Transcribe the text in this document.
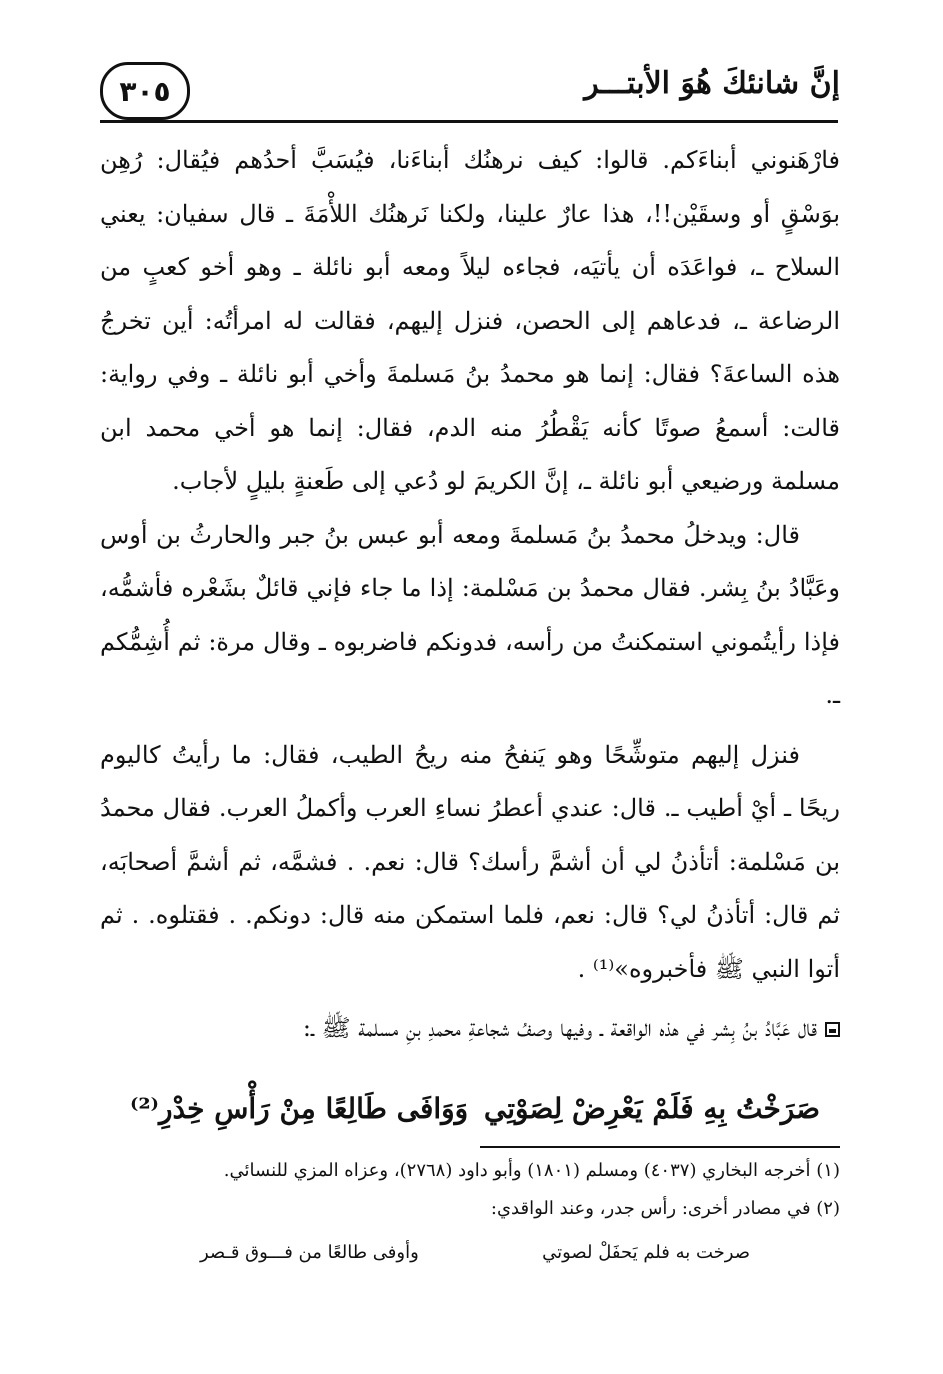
٣٠٥	إنَّ شانئكَ هُوَ الأبتـــر

فارْهَنوني أبناءَكم. قالوا: كيف نرهنُك أبناءَنا، فيُسَبَّ أحدُهم فيُقال: رُهِن بوَسْقٍ أو وسقَيْن!!، هذا عارٌ علينا، ولكنا نَرهنُك اللأْمَةَ ـ قال سفيان: يعني السلاح ـ، فواعَدَه أن يأتيَه، فجاءه ليلاً ومعه أبو نائلة ـ وهو أخو كعبٍ من الرضاعة ـ، فدعاهم إلى الحصن، فنزل إليهم، فقالت له امرأتُه: أين تخرجُ هذه الساعةَ؟ فقال: إنما هو محمدُ بنُ مَسلمةَ وأخي أبو نائلة ـ وفي رواية: قالت: أسمعُ صوتًا كأنه يَقْطُرُ منه الدم، فقال: إنما هو أخي محمد ابن مسلمة ورضيعي أبو نائلة ـ، إنَّ الكريمَ لو دُعي إلى طَعنةٍ بليلٍ لأجاب.

قال: ويدخلُ محمدُ بنُ مَسلمةَ ومعه أبو عبس بنُ جبر والحارثُ بن أوس وعَبَّادُ بنُ بِشر. فقال محمدُ بن مَسْلمة: إذا ما جاء فإني قائلٌ بشَعْره فأشمُّه، فإذا رأيتُموني استمكنتُ من رأسه، فدونكم فاضربوه ـ وقال مرة: ثم أُشِمُّكم ـ.

فنزل إليهم متوشِّحًا وهو يَنفحُ منه ريحُ الطيب، فقال: ما رأيتُ كاليوم ريحًا ـ أيْ أطيب ـ. قال: عندي أعطرُ نساءِ العرب وأكملُ العرب. فقال محمدُ بن مَسْلمة: أتأذنُ لي أن أشمَّ رأسك؟ قال: نعم. . فشمَّه، ثم أشمَّ أصحابَه، ثم قال: أتأذنُ لي؟ قال: نعم، فلما استمكن منه قال: دونكم. . فقتلوه. . ثم أتوا النبي ﷺ فأخبروه»⁽¹⁾ .

قال عَبَّادُ بنُ بِشر في هذه الواقعة ـ وفيها وصفُ شجاعةِ محمدِ بنِ مسلمة ﷺ ـ:

صَرَخْتُ بِهِ فَلَمْ يَعْرِضْ لِصَوْتِي
وَوَافَى طَالِعًا مِنْ رَأْسِ خِدْرِ⁽²⁾

(١) أخرجه البخاري (٤٠٣٧) ومسلم (١٨٠١) وأبو داود (٢٧٦٨)، وعزاه المزي للنسائي.

(٢) في مصادر أخرى: رأس جدر، وعند الواقدي:

صرخت به فلم يَحفَلْ لصوتي
وأوفى طالعًا من فـــوق قـصر
